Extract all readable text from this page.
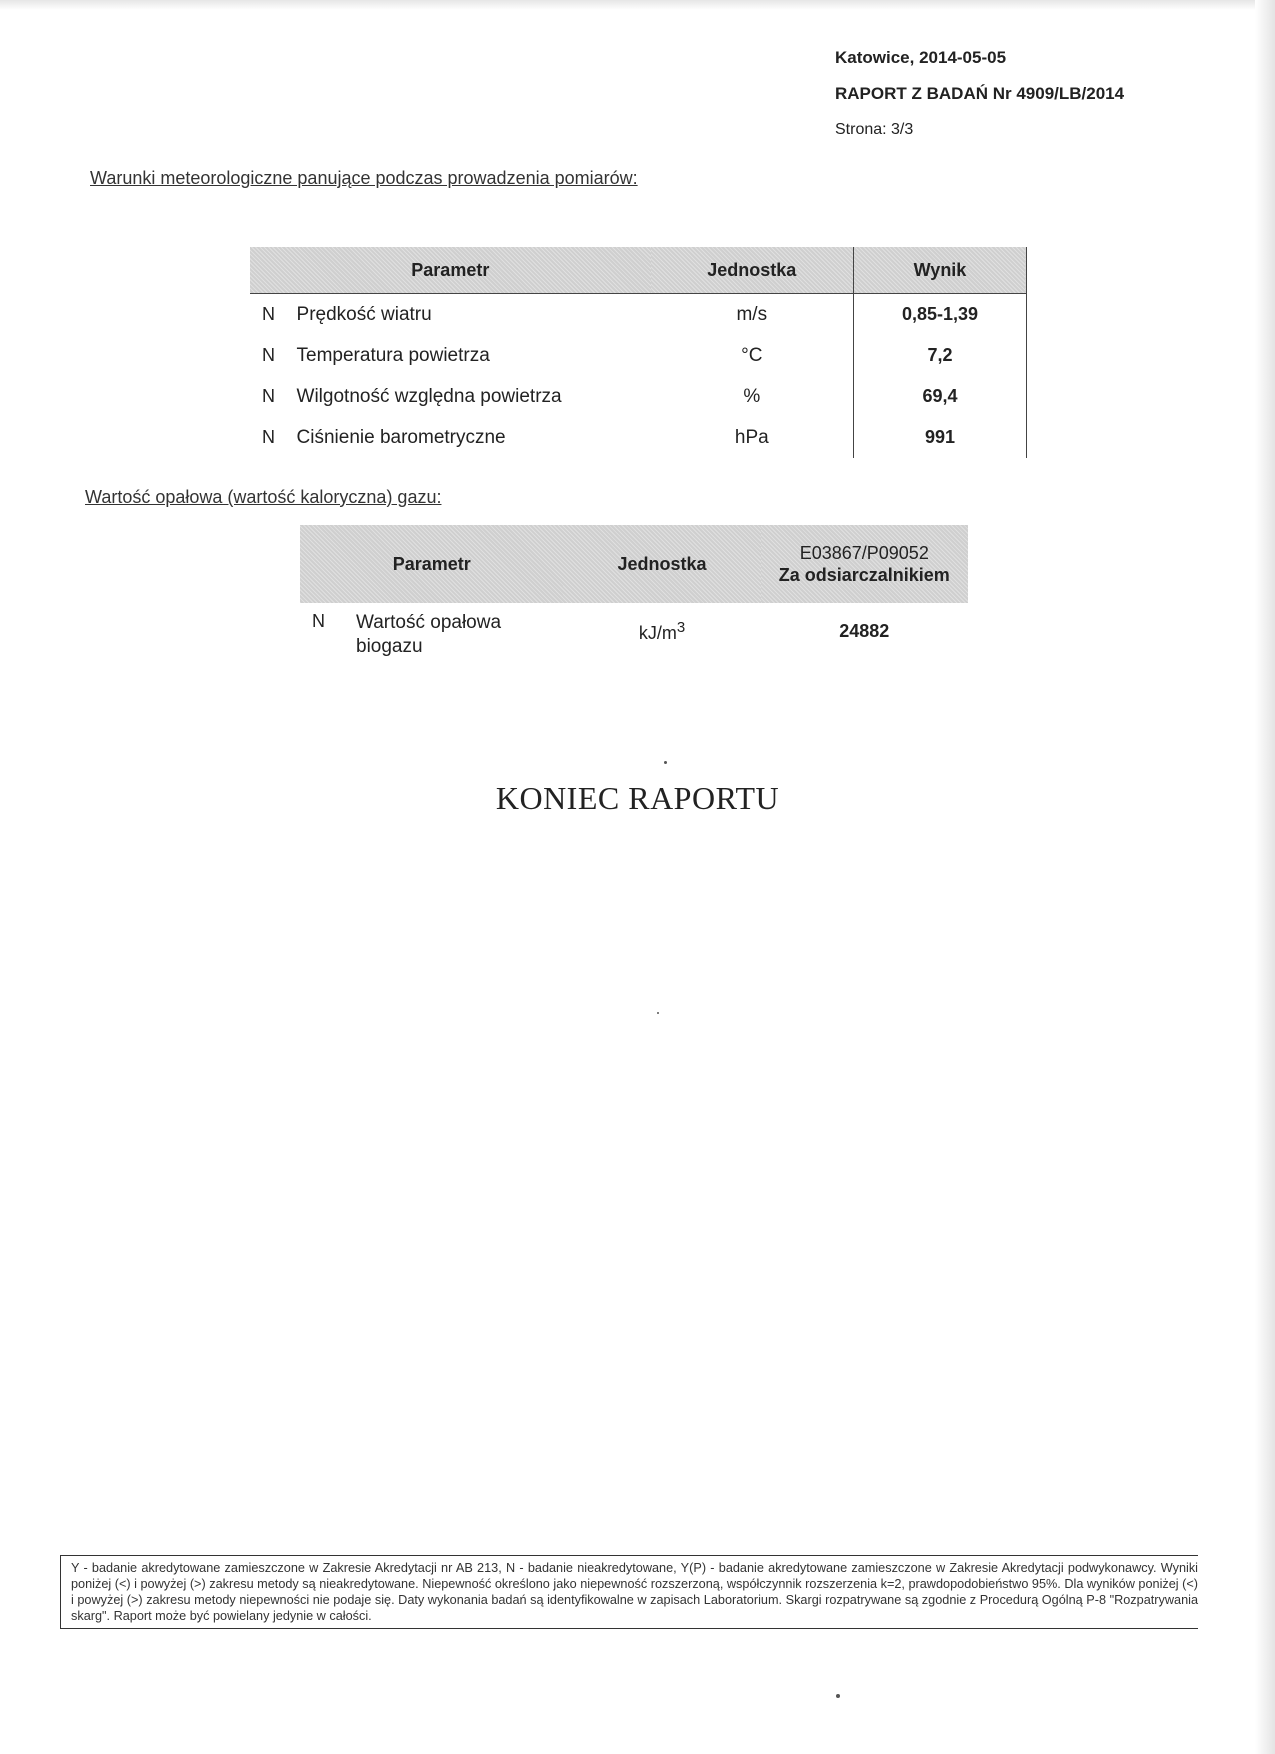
Katowice, 2014-05-05
RAPORT Z BADAŃ Nr 4909/LB/2014
Strona: 3/3
Warunki meteorologiczne panujące podczas prowadzenia pomiarów:
Parametr		Jednostka	Wynik
N	Prędkość wiatru	m/s	0,85-1,39
N	Temperatura powietrza	°C	7,2
N	Wilgotność względna powietrza	%	69,4
N	Ciśnienie barometryczne	hPa	991
Wartość opałowa (wartość kaloryczna) gazu:
Parametr		Jednostka	E03867/P09052
Za odsiarczalnikiem

N	Wartość opałowa
biogazu	$kJ/m^3$	24882
KONIEC RAPORTU
Y - badanie akredytowane zamieszczone w Zakresie Akredytacji nr AB 213, N - badanie nieakredytowane, Y(P) - badanie akredytowane zamieszczone w Zakresie Akredytacji podwykonawcy. Wyniki poniżej (<) i powyżej (>) zakresu metody są nieakredytowane. Niepewność określono jako niepewność rozszerzoną, współczynnik rozszerzenia k=2, prawdopodobieństwo 95%. Dla wyników poniżej (<) i powyżej (>) zakresu metody niepewności nie podaje się. Daty wykonania badań są identyfikowalne w zapisach Laboratorium. Skargi rozpatrywane są zgodnie z Procedurą Ogólną P-8 "Rozpatrywania skarg". Raport może być powielany jedynie w całości.
